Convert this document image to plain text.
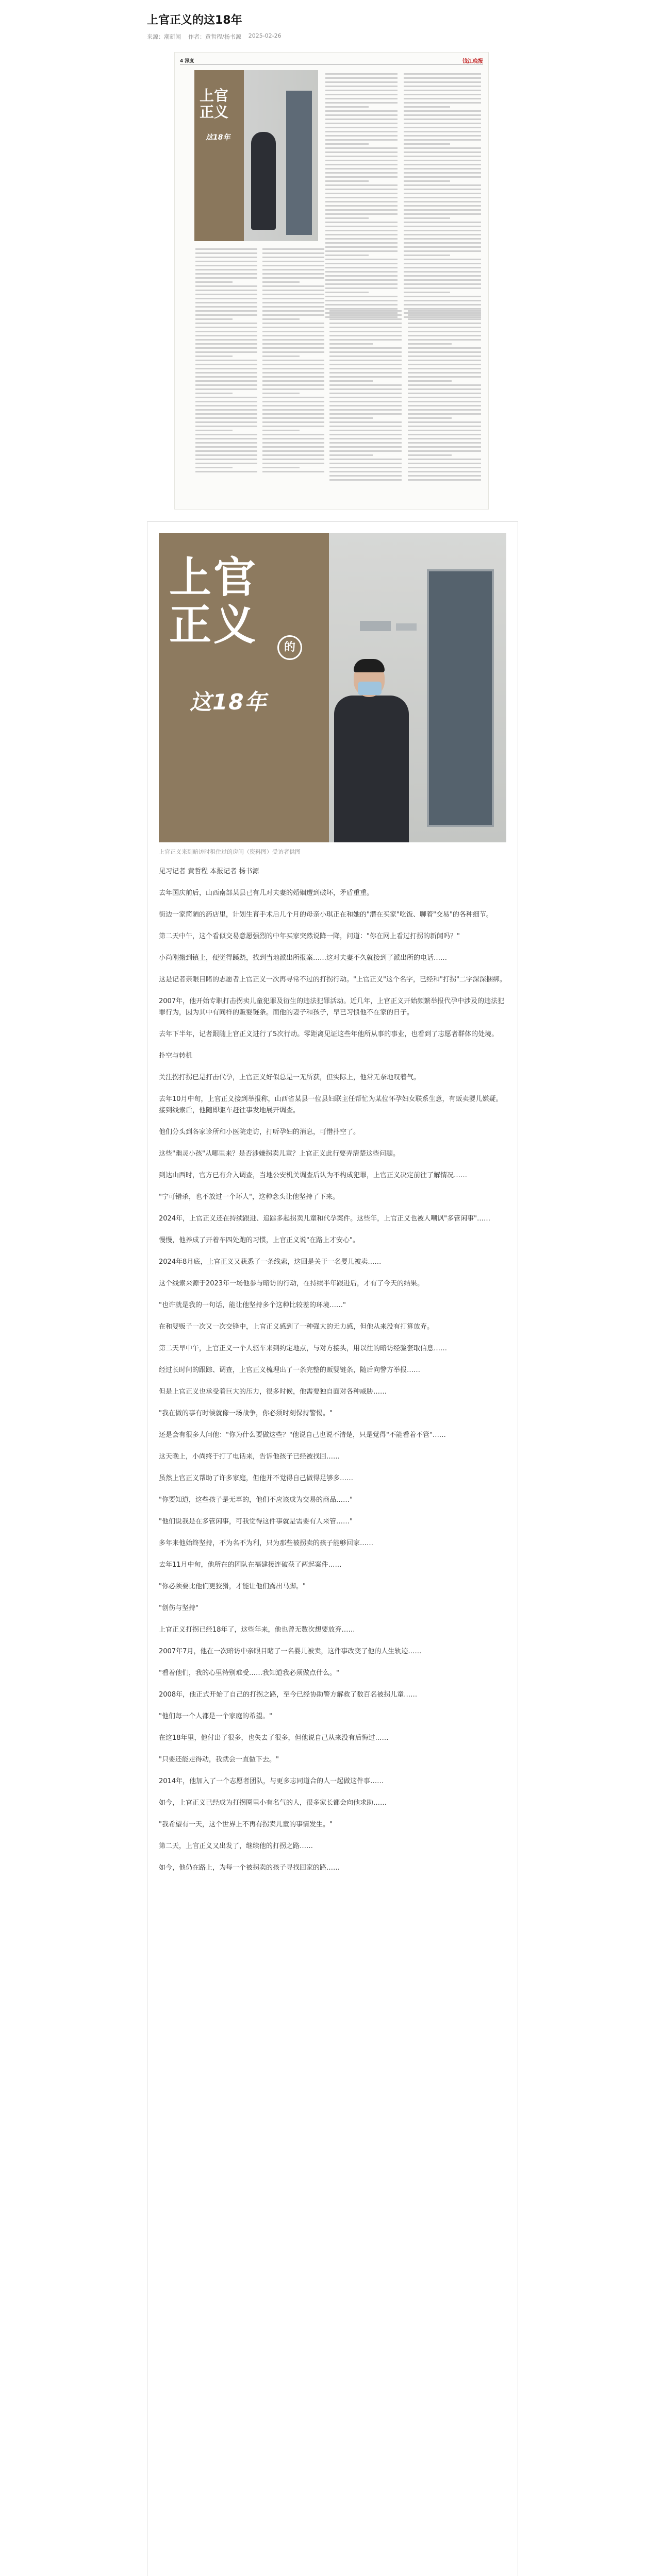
上官正义的这18年
来源：潮新闻 作者：黄哲程/杨书源 2025-02-26
4 深度	钱江晚报
上官
正义
这18年
上官
正义	的
这18年
上官正义来到暗访时租住过的房间（资料图）受访者供图

见习记者 黄哲程 本报记者 杨书源

去年国庆前后，山西南部某县已有几对夫妻的婚姻遭到破坏，矛盾重重。

街边一家简陋的药店里，计划生育手术后几个月的母亲小琪正在和她的"潜在买家"吃饭、聊着"交易"的各种细节。

第二天中午，这个看似交易意愿强烈的中年买家突然说降一降，问道："你在网上看过打拐的新闻吗？"

小尚刚搬到镇上，便觉得蹊跷，找到当地派出所报案……这对夫妻不久就接到了派出所的电话……

这是记者亲眼目睹的志愿者上官正义一次再寻常不过的打拐行动。"上官正义"这个名字，已经和"打拐"二字深深捆绑。

2007年，他开始专职打击拐卖儿童犯罪及衍生的违法犯罪活动。近几年，上官正义开始频繁举报代孕中涉及的违法犯罪行为，因为其中有同样的贩婴链条。而他的妻子和孩子，早已习惯他不在家的日子。

去年下半年，记者跟随上官正义进行了5次行动。零距离见证这些年他所从事的事业，也看到了志愿者群体的处境。

扑空与转机

关注拐打拐已是打击代孕，上官正义好似总是一无所获，但实际上，他常无奈地叹着气。

去年10月中旬，上官正义接到举报称，山西省某县一位县妇联主任帮忙为某位怀孕妇女联系生意，有贩卖婴儿嫌疑。接到线索后，他随即驱车赶往事发地展开调查。

他们分头到各家诊所和小医院走访，打听孕妇的消息，可惜扑空了。

这些"幽灵小孩"从哪里来？是否涉嫌拐卖儿童？上官正义此行要弄清楚这些问题。

到达山西时，官方已有介入调查，当地公安机关调查后认为不构成犯罪，上官正义决定前往了解情况……

"宁可错杀，也不放过一个坏人"，这种念头让他坚持了下来。

2024年，上官正义还在持续跟进、追踪多起拐卖儿童和代孕案件。这些年，上官正义也被人嘲讽"多管闲事"……

慢慢，他养成了开着车四处跑的习惯，上官正义说"在路上才安心"。

2024年8月底，上官正义又获悉了一条线索，这回是关于一名婴儿被卖……

这个线索来源于2023年一场他参与暗访的行动，在持续半年跟进后，才有了今天的结果。

"也许就是我的一句话，能让他坚持多个这种比较差的环境……"

在和婴贩子一次又一次交锋中，上官正义感到了一种强大的无力感，但他从来没有打算放弃。

第二天早中午，上官正义一个人驱车来到约定地点，与对方接头，用以往的暗访经验套取信息……

经过长时间的跟踪、调查，上官正义梳理出了一条完整的贩婴链条，随后向警方举报……

但是上官正义也承受着巨大的压力，很多时候，他需要独自面对各种威胁……

"我在做的事有时候就像一场战争，你必须时刻保持警惕。"

还是会有很多人问他："你为什么要做这些？"他说自己也说不清楚，只是觉得"不能看着不管"……

这天晚上，小尚终于打了电话来，告诉他孩子已经被找回……

虽然上官正义帮助了许多家庭，但他并不觉得自己做得足够多……

"你要知道，这些孩子是无辜的，他们不应该成为交易的商品……"

"他们说我是在多管闲事，可我觉得这件事就是需要有人来管……"

多年来他始终坚持，不为名不为利，只为那些被拐卖的孩子能够回家……

去年11月中旬，他所在的团队在福建接连破获了两起案件……

"你必须要比他们更狡猾，才能让他们露出马脚。"

"创伤与坚持"

上官正义打拐已经18年了，这些年来，他也曾无数次想要放弃……

2007年7月，他在一次暗访中亲眼目睹了一名婴儿被卖，这件事改变了他的人生轨迹……

"看着他们，我的心里特别难受……我知道我必须做点什么。"

2008年，他正式开始了自己的打拐之路，至今已经协助警方解救了数百名被拐儿童……

"他们每一个人都是一个家庭的希望。"

在这18年里，他付出了很多，也失去了很多，但他说自己从来没有后悔过……

"只要还能走得动，我就会一直做下去。"

2014年，他加入了一个志愿者团队，与更多志同道合的人一起做这件事……

如今，上官正义已经成为打拐圈里小有名气的人，很多家长都会向他求助……

"我希望有一天，这个世界上不再有拐卖儿童的事情发生。"

第二天，上官正义又出发了，继续他的打拐之路……

如今，他仍在路上，为每一个被拐卖的孩子寻找回家的路……
